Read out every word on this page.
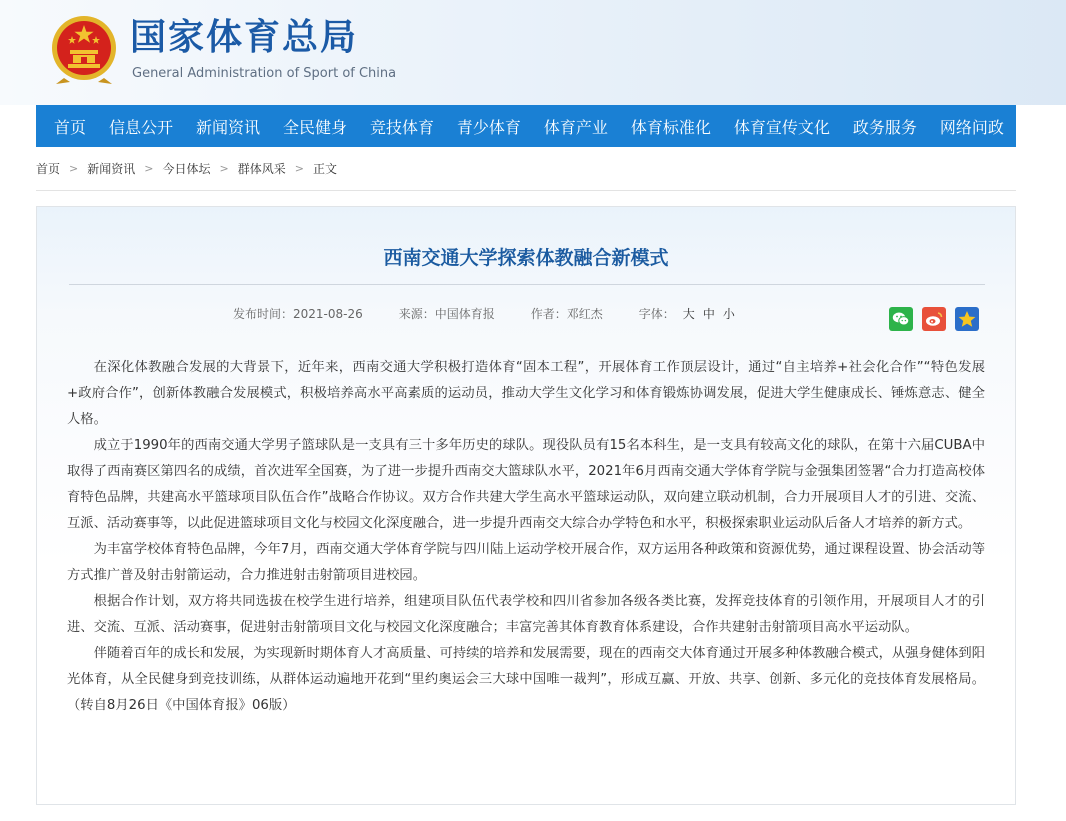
国家体育总局
General Administration of Sport of China
首页 信息公开 新闻资讯 全民健身 竞技体育 青少体育 体育产业 体育标准化 体育宣传文化 政务服务 网络问政
首页 > 新闻资讯 > 今日体坛 > 群体风采 > 正文
西南交通大学探索体教融合新模式
发布时间：2021-08-26	来源：中国体育报	作者：邓红杰	字体： 大 中 小

在深化体教融合发展的大背景下，近年来，西南交通大学积极打造体育“固本工程”，开展体育工作顶层设计，通过“自主培养+社会化合作”“特色发展+政府合作”，创新体教融合发展模式，积极培养高水平高素质的运动员，推动大学生文化学习和体育锻炼协调发展，促进大学生健康成长、锤炼意志、健全人格。

成立于1990年的西南交通大学男子篮球队是一支具有三十多年历史的球队。现役队员有15名本科生，是一支具有较高文化的球队，在第十六届CUBA中取得了西南赛区第四名的成绩，首次进军全国赛，为了进一步提升西南交大篮球队水平，2021年6月西南交通大学体育学院与金强集团签署“合力打造高校体育特色品牌，共建高水平篮球项目队伍合作”战略合作协议。双方合作共建大学生高水平篮球运动队，双向建立联动机制，合力开展项目人才的引进、交流、互派、活动赛事等，以此促进篮球项目文化与校园文化深度融合，进一步提升西南交大综合办学特色和水平，积极探索职业运动队后备人才培养的新方式。

为丰富学校体育特色品牌，今年7月，西南交通大学体育学院与四川陆上运动学校开展合作，双方运用各种政策和资源优势，通过课程设置、协会活动等方式推广普及射击射箭运动，合力推进射击射箭项目进校园。

根据合作计划，双方将共同选拔在校学生进行培养，组建项目队伍代表学校和四川省参加各级各类比赛，发挥竞技体育的引领作用，开展项目人才的引进、交流、互派、活动赛事，促进射击射箭项目文化与校园文化深度融合；丰富完善其体育教育体系建设，合作共建射击射箭项目高水平运动队。

伴随着百年的成长和发展，为实现新时期体育人才高质量、可持续的培养和发展需要，现在的西南交大体育通过开展多种体教融合模式，从强身健体到阳光体育，从全民健身到竞技训练，从群体运动遍地开花到“里约奥运会三大球中国唯一裁判”，形成互赢、开放、共享、创新、多元化的竞技体育发展格局。（转自8月26日《中国体育报》06版）
